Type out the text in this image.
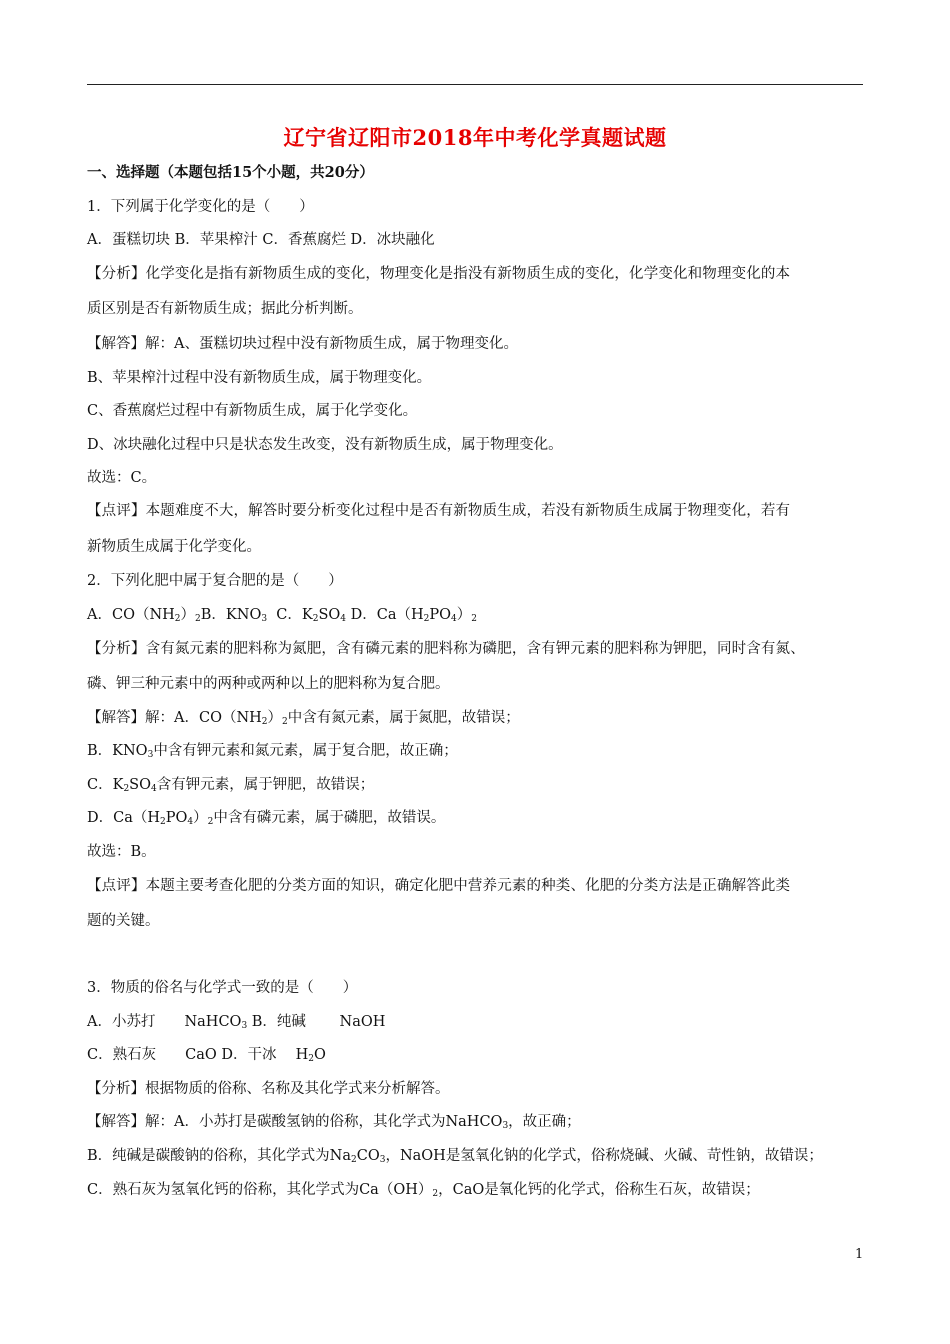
辽宁省辽阳市2018年中考化学真题试题
一、选择题（本题包括15个小题，共20分）
1．下列属于化学变化的是（　　）
A．蛋糕切块 B．苹果榨汁 C．香蕉腐烂 D．冰块融化
【分析】化学变化是指有新物质生成的变化，物理变化是指没有新物质生成的变化，化学变化和物理变化的本
质区别是否有新物质生成；据此分析判断。
【解答】解：A、蛋糕切块过程中没有新物质生成，属于物理变化。
B、苹果榨汁过程中没有新物质生成，属于物理变化。
C、香蕉腐烂过程中有新物质生成，属于化学变化。
D、冰块融化过程中只是状态发生改变，没有新物质生成，属于物理变化。
故选：C。
【点评】本题难度不大，解答时要分析变化过程中是否有新物质生成，若没有新物质生成属于物理变化，若有
新物质生成属于化学变化。
2．下列化肥中属于复合肥的是（　　）
A．$CO(NH_2)_2B$．$KNO_3$ C．$K_2SO_4$ D．$Ca(H_2PO_4)_2$
【分析】含有氮元素的肥料称为氮肥，含有磷元素的肥料称为磷肥，含有钾元素的肥料称为钾肥，同时含有氮、
磷、钾三种元素中的两种或两种以上的肥料称为复合肥。
【解答】解：A．$CO(NH_2)_2$中含有氮元素，属于氮肥，故错误；
B．$KNO_3$中含有钾元素和氮元素，属于复合肥，故正确；
C．$K_2SO_4$含有钾元素，属于钾肥，故错误；
D．$Ca(H_2PO_4)_2$中含有磷元素，属于磷肥，故错误。
故选：B。
【点评】本题主要考查化肥的分类方面的知识，确定化肥中营养元素的种类、化肥的分类方法是正确解答此类
题的关键。
3．物质的俗名与化学式一致的是（　　）
A．小苏打　　NaHCO$_3$ B．纯碱　　 NaOH
C．熟石灰　　CaO D．干冰　 $H_2O$
【分析】根据物质的俗称、名称及其化学式来分析解答。
【解答】解：A．小苏打是碳酸氢钠的俗称，其化学式为NaHCO$_3$，故正确；
B．纯碱是碳酸钠的俗称，其化学式为$Na_2CO_3$，NaOH是氢氧化钠的化学式，俗称烧碱、火碱、苛性钠，故错误；
C．熟石灰为氢氧化钙的俗称，其化学式为$Ca(OH)_2$，CaO是氧化钙的化学式，俗称生石灰，故错误；
1
